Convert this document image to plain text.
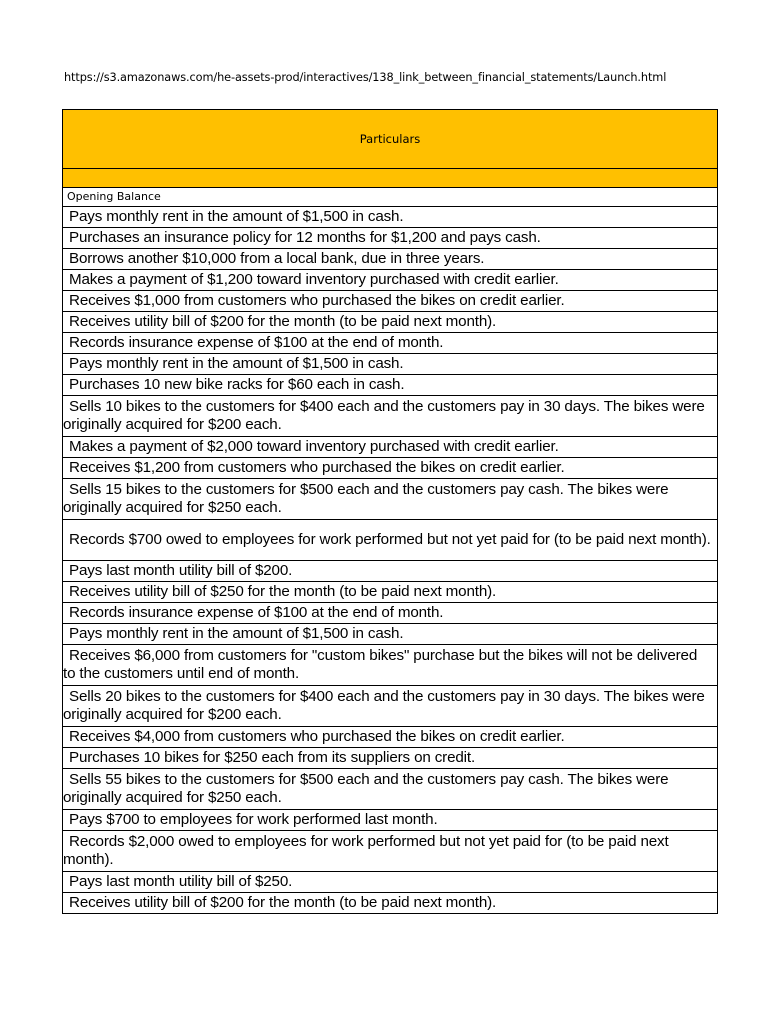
https://s3.amazonaws.com/he-assets-prod/interactives/138_link_between_financial_statements/Launch.html
Particulars

Opening Balance
Pays monthly rent in the amount of $1,500 in cash.
Purchases an insurance policy for 12 months for $1,200 and pays cash.
Borrows another $10,000 from a local bank, due in three years.
Makes a payment of $1,200 toward inventory purchased with credit earlier.
Receives $1,000 from customers who purchased the bikes on credit earlier.
Receives utility bill of $200 for the month (to be paid next month).
Records insurance expense of $100 at the end of month.
Pays monthly rent in the amount of $1,500 in cash.
Purchases 10 new bike racks for $60 each in cash.
Sells 10 bikes to the customers for $400 each and the customers pay in 30 days. The bikes were originally acquired for $200 each.
Makes a payment of $2,000 toward inventory purchased with credit earlier.
Receives $1,200 from customers who purchased the bikes on credit earlier.
Sells 15 bikes to the customers for $500 each and the customers pay cash. The bikes were originally acquired for $250 each.
Records $700 owed to employees for work performed but not yet paid for (to be paid next month).
Pays last month utility bill of $200.
Receives utility bill of $250 for the month (to be paid next month).
Records insurance expense of $100 at the end of month.
Pays monthly rent in the amount of $1,500 in cash.
Receives $6,000 from customers for "custom bikes" purchase but the bikes will not be delivered to the customers until end of month.
Sells 20 bikes to the customers for $400 each and the customers pay in 30 days. The bikes were originally acquired for $200 each.
Receives $4,000 from customers who purchased the bikes on credit earlier.
Purchases 10 bikes for $250 each from its suppliers on credit.
Sells 55 bikes to the customers for $500 each and the customers pay cash. The bikes were originally acquired for $250 each.
Pays $700 to employees for work performed last month.
Records $2,000 owed to employees for work performed but not yet paid for (to be paid next month).
Pays last month utility bill of $250.
Receives utility bill of $200 for the month (to be paid next month).
